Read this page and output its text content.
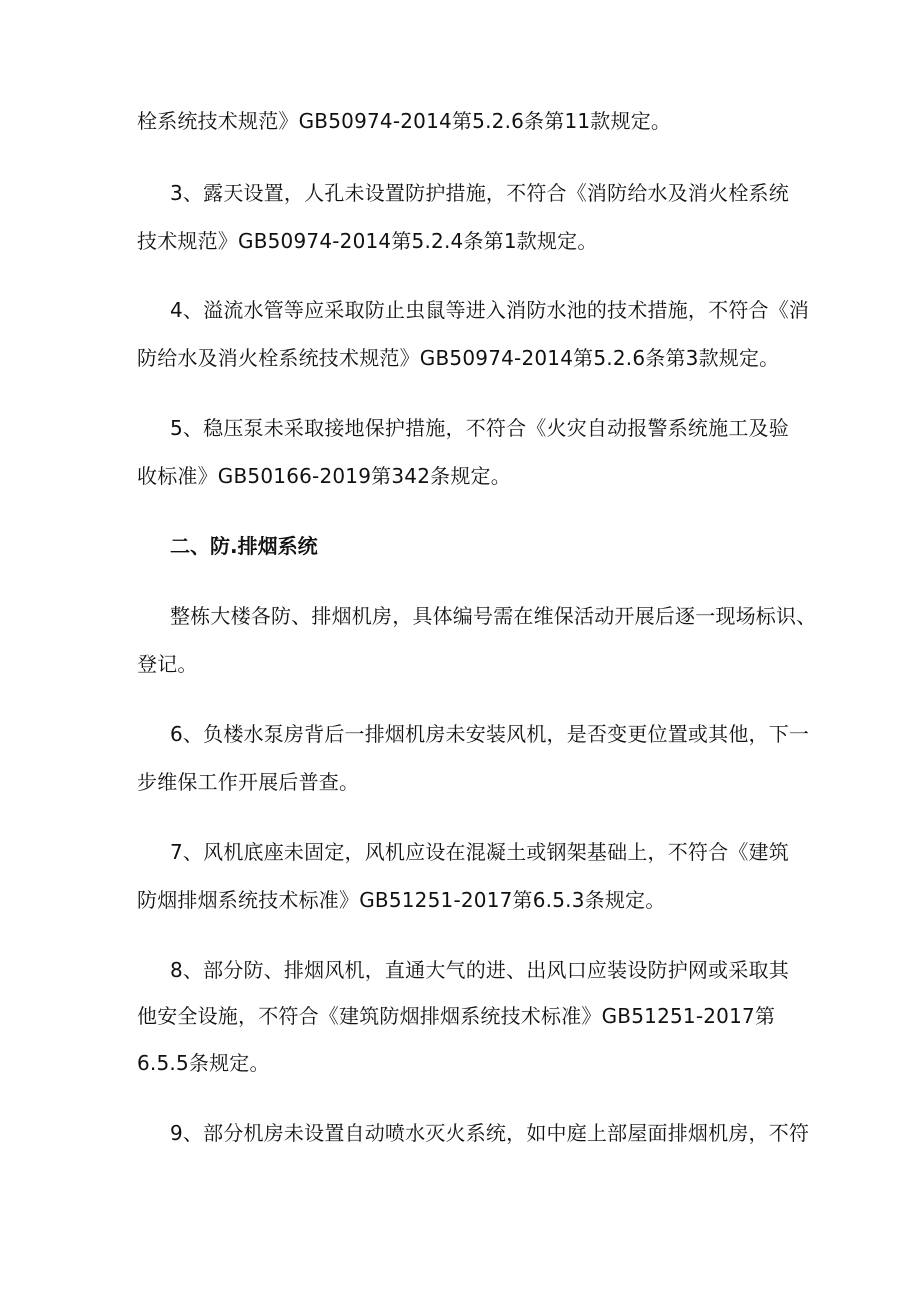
栓系统技术规范》GB50974-2014第5.2.6条第11款规定。
3、露天设置，人孔未设置防护措施，不符合《消防给水及消火栓系统
技术规范》GB50974-2014第5.2.4条第1款规定。
4、溢流水管等应采取防止虫鼠等进入消防水池的技术措施，不符合《消
防给水及消火栓系统技术规范》GB50974-2014第5.2.6条第3款规定。
5、稳压泵未采取接地保护措施，不符合《火灾自动报警系统施工及验
收标准》GB50166-2019第342条规定。
二、防.排烟系统
整栋大楼各防、排烟机房，具体编号需在维保活动开展后逐一现场标识、
登记。
6、负楼水泵房背后一排烟机房未安装风机，是否变更位置或其他，下一
步维保工作开展后普查。
7、风机底座未固定，风机应设在混凝土或钢架基础上，不符合《建筑
防烟排烟系统技术标准》GB51251-2017第6.5.3条规定。
8、部分防、排烟风机，直通大气的进、出风口应装设防护网或采取其
他安全设施，不符合《建筑防烟排烟系统技术标准》GB51251-2017第
6.5.5条规定。
9、部分机房未设置自动喷水灭火系统，如中庭上部屋面排烟机房，不符
